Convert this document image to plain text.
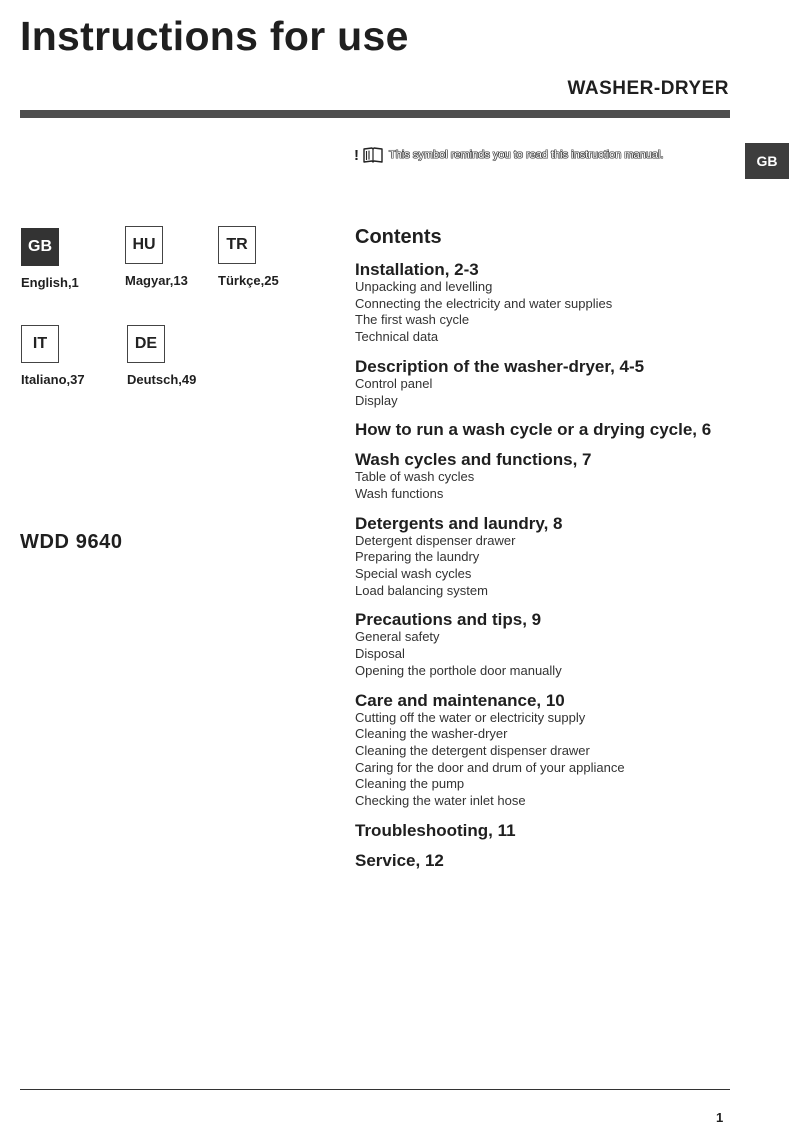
Instructions for use
WASHER-DRYER
GB
!	This symbol reminds you to read this instruction manual.
GB
English,1
HU
Magyar,13
TR
Türkçe,25
IT
Italiano,37
DE
Deutsch,49
WDD 9640
Contents
Installation, 2-3
Unpacking and levelling
Connecting the electricity and water supplies
The first wash cycle
Technical data
Description of the washer-dryer, 4-5
Control panel
Display
How to run a wash cycle or a drying cycle, 6
Wash cycles and functions, 7
Table of wash cycles
Wash functions
Detergents and laundry, 8
Detergent dispenser drawer
Preparing the laundry
Special wash cycles
Load balancing system
Precautions and tips, 9
General safety
Disposal
Opening the porthole door manually
Care and maintenance, 10
Cutting off the water or electricity supply
Cleaning the washer-dryer
Cleaning the detergent dispenser drawer
Caring for the door and drum of your appliance
Cleaning the pump
Checking the water inlet hose
Troubleshooting, 11
Service, 12
1
